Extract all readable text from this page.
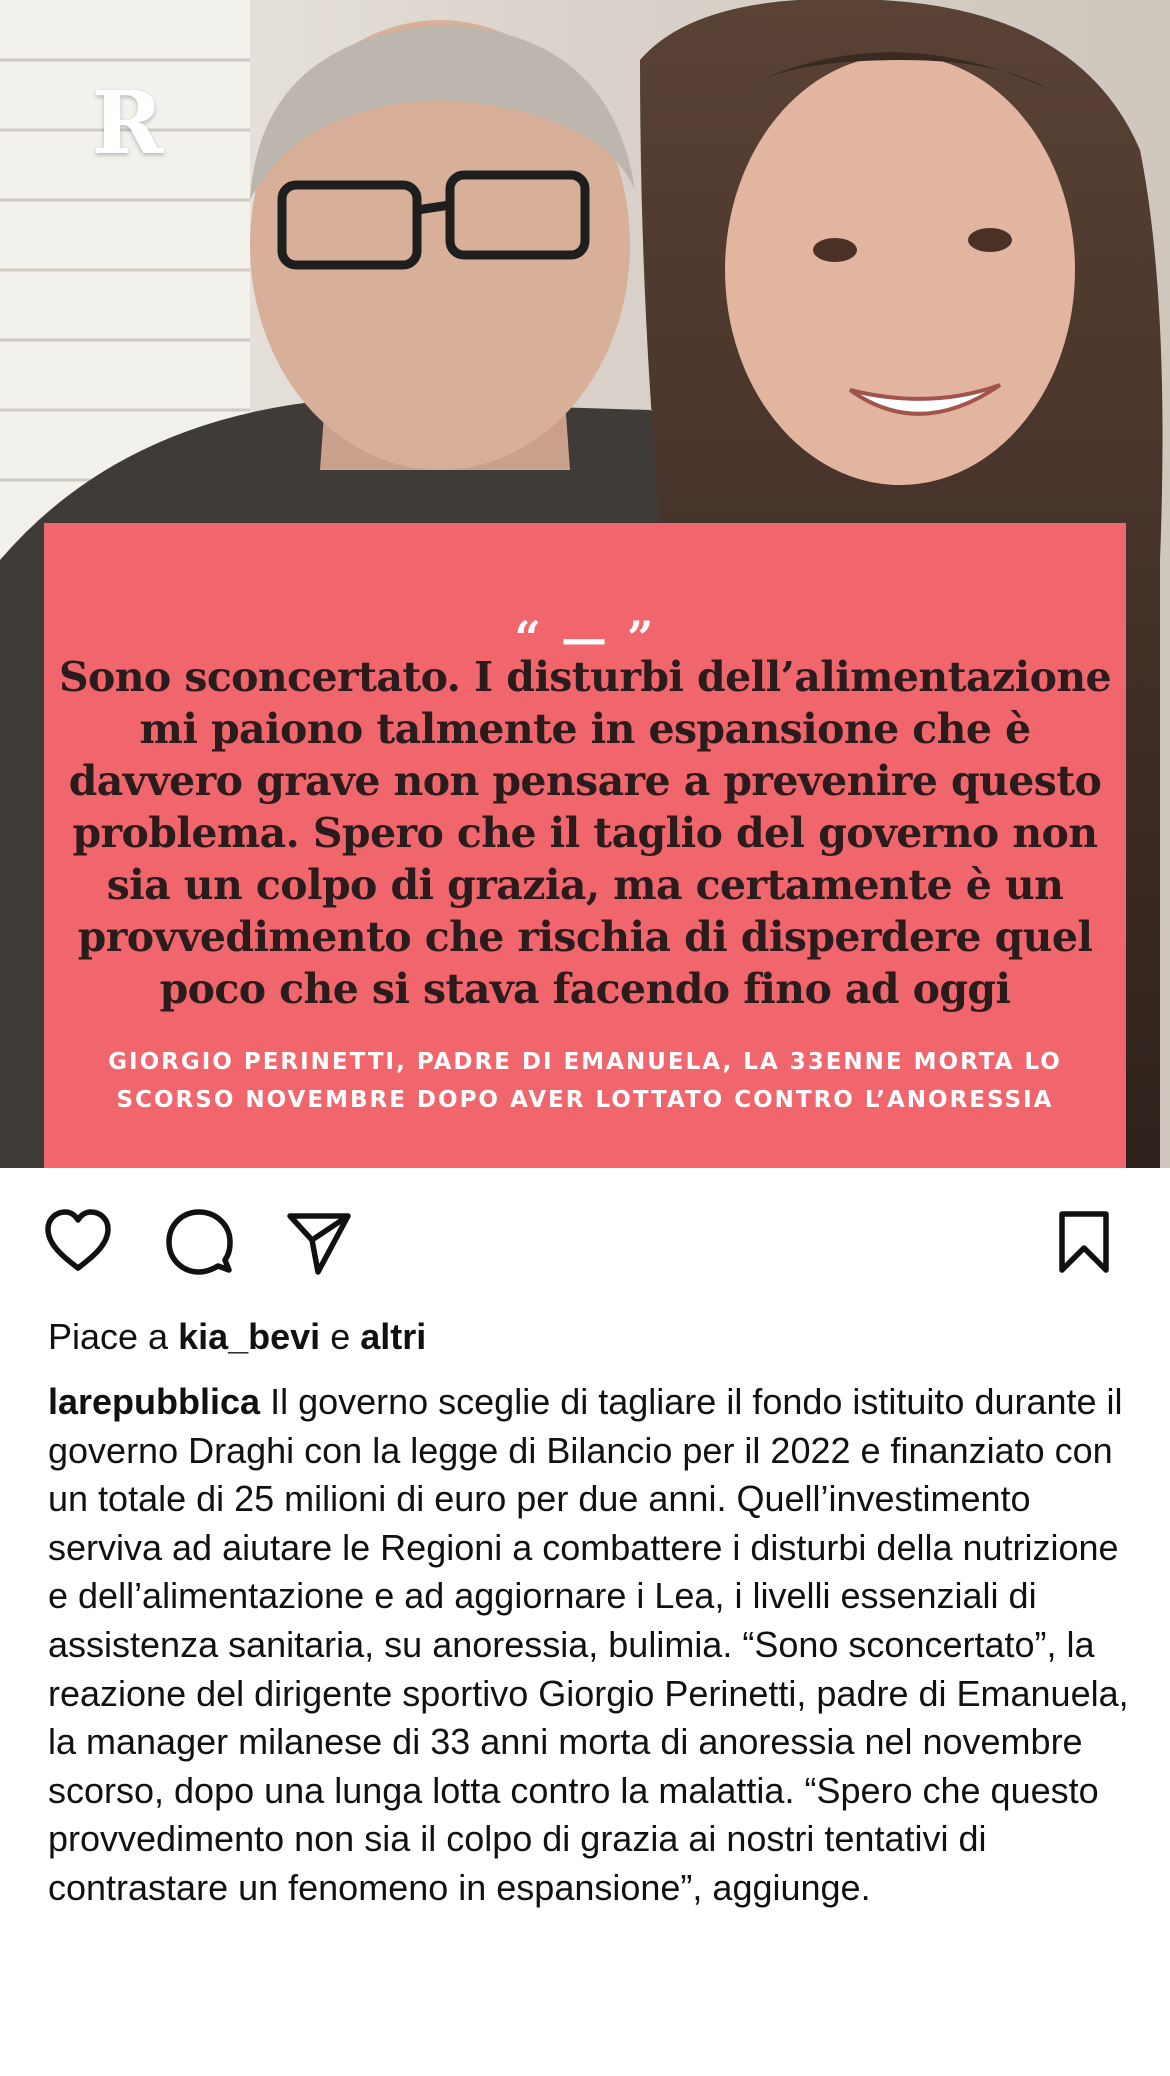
R
“ — ”
Sono sconcertato. I disturbi dell’alimentazione mi paiono talmente in espansione che è davvero grave non pensare a prevenire questo problema. Spero che il taglio del governo non sia un colpo di grazia, ma certamente è un provvedimento che rischia di disperdere quel poco che si stava facendo fino ad oggi
GIORGIO PERINETTI, PADRE DI EMANUELA, LA 33ENNE MORTA LO SCORSO NOVEMBRE DOPO AVER LOTTATO CONTRO L’ANORESSIA
Piace a kia_bevi e altri
larepubblica Il governo sceglie di tagliare il fondo istituito durante il governo Draghi con la legge di Bilancio per il 2022 e finanziato con un totale di 25 milioni di euro per due anni. Quell’investimento serviva ad aiutare le Regioni a combattere i disturbi della nutrizione e dell’alimentazione e ad aggiornare i Lea, i livelli essenziali di assistenza sanitaria, su anoressia, bulimia. “Sono sconcertato”, la reazione del dirigente sportivo Giorgio Perinetti, padre di Emanuela, la manager milanese di 33 anni morta di anoressia nel novembre scorso, dopo una lunga lotta contro la malattia. “Spero che questo provvedimento non sia il colpo di grazia ai nostri tentativi di contrastare un fenomeno in espansione”, aggiunge.
